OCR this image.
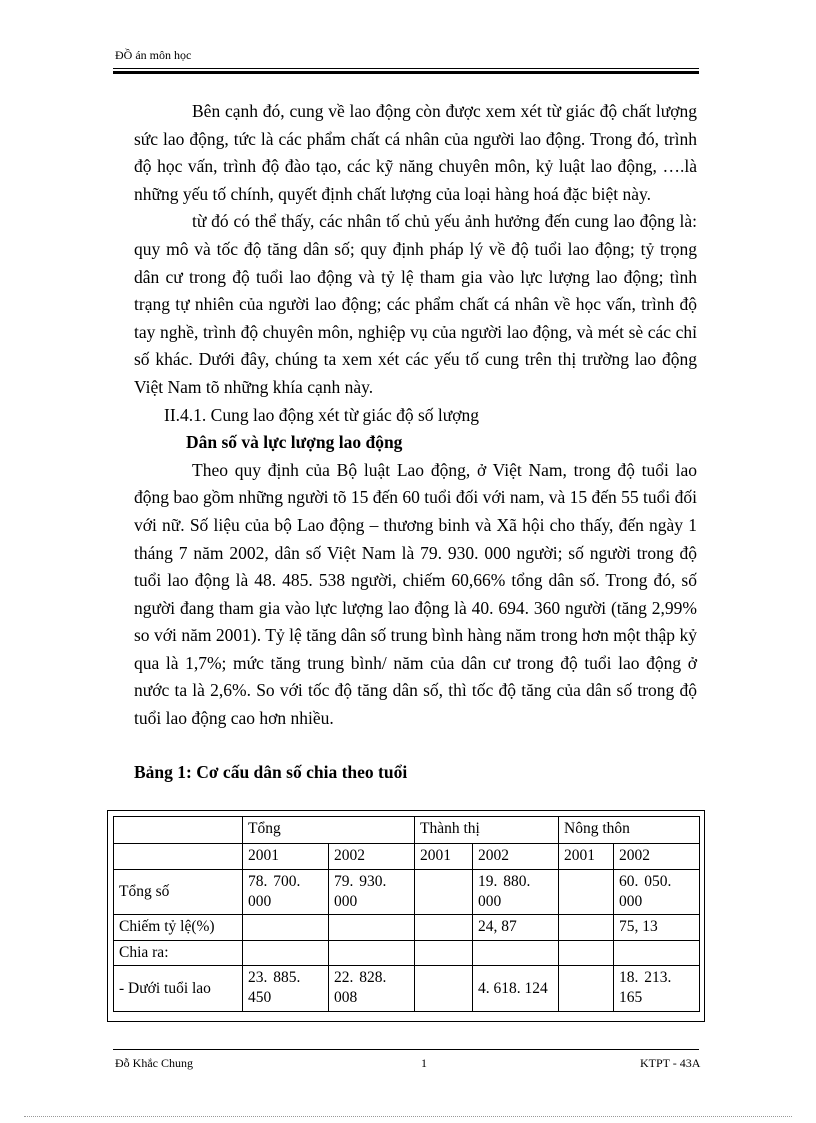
ĐỒ án môn học

Bên cạnh đó, cung về lao động còn được xem xét từ giác độ chất lượng sức lao động, tức là các phẩm chất cá nhân của người lao động. Trong đó, trình độ học vấn, trình độ đào tạo, các kỹ năng chuyên môn, kỷ luật lao động, ….là những yếu tố chính, quyết định chất lượng của loại hàng hoá đặc biệt này.

từ đó có thể thấy, các nhân tố chủ yếu ảnh hưởng đến cung lao động là: quy mô và tốc độ tăng dân số; quy định pháp lý về độ tuổi lao động; tỷ trọng dân cư trong độ tuổi lao động và tỷ lệ tham gia vào lực lượng lao động; tình trạng tự nhiên của người lao động; các phẩm chất cá nhân về học vấn, trình độ tay nghề, trình độ chuyên môn, nghiệp vụ của người lao động, và mét sè các chỉ số khác. Dưới đây, chúng ta xem xét các yếu tố cung trên thị trường lao động Việt Nam tõ những khía cạnh này.

II.4.1. Cung lao động xét từ giác độ số lượng

Dân số và lực lượng lao động

Theo quy định của Bộ luật Lao động, ở Việt Nam, trong độ tuổi lao động bao gồm những người tõ 15 đến 60 tuổi đối với nam, và 15 đến 55 tuổi đối với nữ. Số liệu của bộ Lao động – thương binh và Xã hội cho thấy, đến ngày 1 tháng 7 năm 2002, dân số Việt Nam là 79. 930. 000 người; số người trong độ tuổi lao động là 48. 485. 538 người, chiếm 60,66% tổng dân số. Trong đó, số người đang tham gia vào lực lượng lao động là 40. 694. 360 người (tăng 2,99% so với năm 2001). Tỷ lệ tăng dân số trung bình hàng năm trong hơn một thập kỷ qua là 1,7%; mức tăng trung bình/ năm của dân cư trong độ tuổi lao động ở nước ta là 2,6%. So với tốc độ tăng dân số, thì tốc độ tăng của dân số trong độ tuổi lao động cao hơn nhiều.

Bảng 1: Cơ cấu dân số chia theo tuổi
	Tổng		Thành thị		Nông thôn	
	2001	2002	2001	2002	2001	2002
Tổng số	78. 700. 000	79. 930. 000		19. 880. 000		60. 050. 000
Chiếm tỷ lệ(%)				24, 87		75, 13
Chia ra:						
- Dưới tuổi lao	23. 885. 450	22. 828. 008		4. 618. 124		18. 213. 165
Đỗ Khắc Chung	1	KTPT - 43A
